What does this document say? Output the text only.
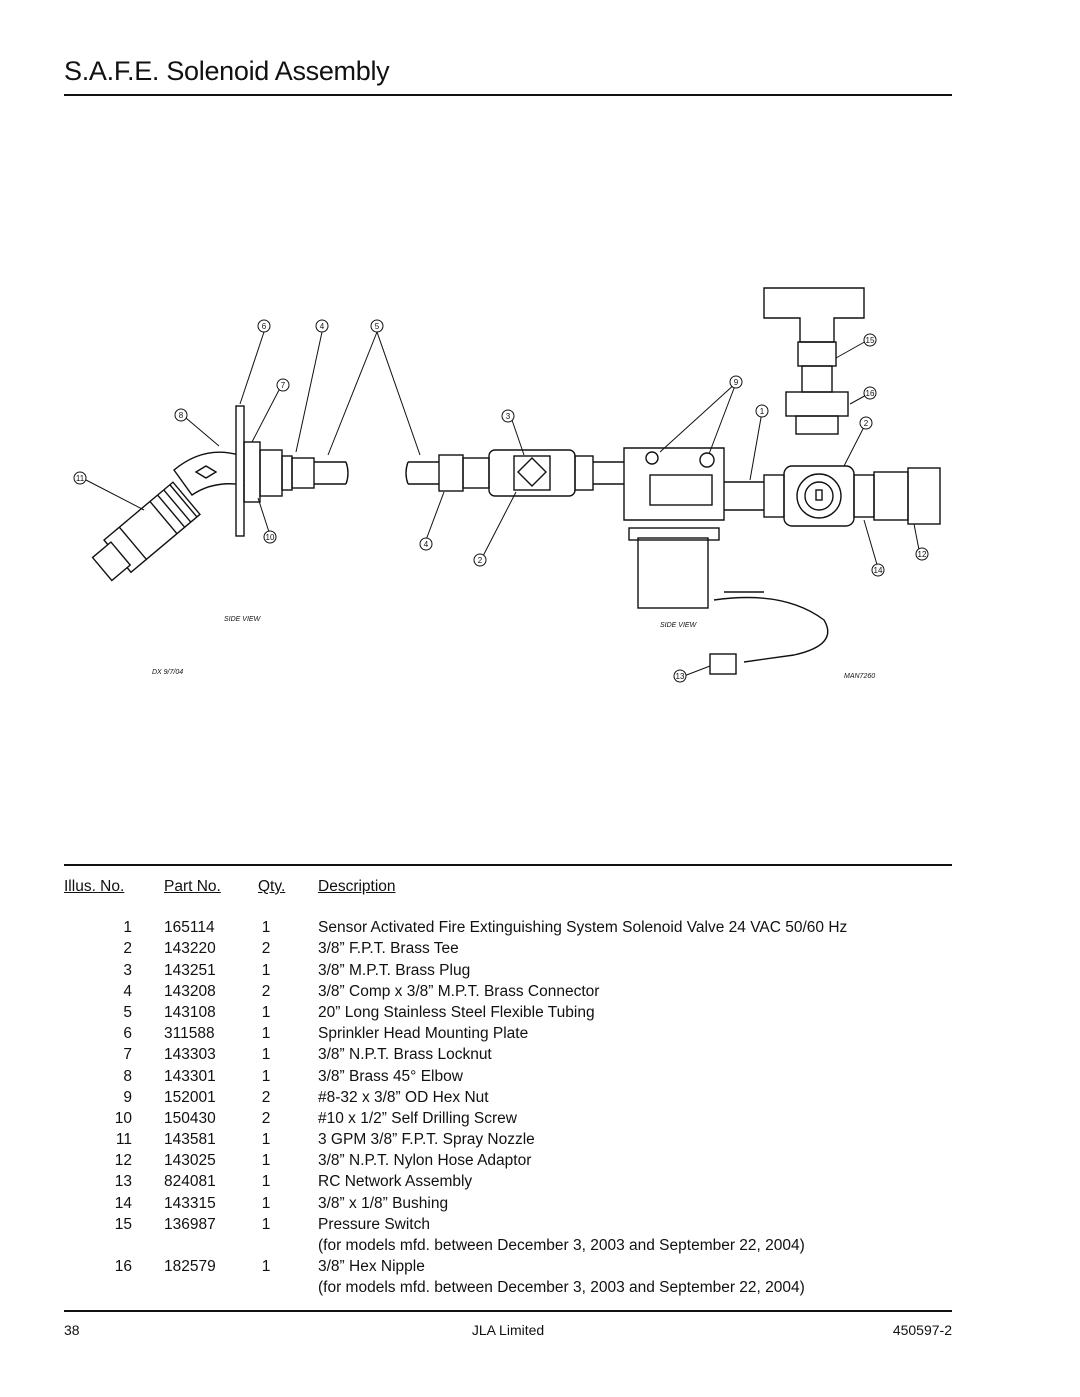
S.A.F.E. Solenoid Assembly
6	4	5
7
8
11
10
3
4
2
9
1
15
16
2
14
12
13
SIDE VIEW
SIDE VIEW
DX 9/7/04
MAN7260
Illus. No.	Part No. Qty. Description
1 165114	1	Sensor Activated Fire Extinguishing System Solenoid Valve 24 VAC 50/60 Hz
2 143220	2	3/8” F.P.T. Brass Tee
3 143251	1	3/8” M.P.T. Brass Plug
4 143208	2	3/8” Comp x 3/8” M.P.T. Brass Connector
5 143108	1	20” Long Stainless Steel Flexible Tubing
6 311588	1	Sprinkler Head Mounting Plate
7 143303	1	3/8” N.P.T. Brass Locknut
8 143301	1	3/8” Brass 45° Elbow
9 152001	2	#8-32 x 3/8” OD Hex Nut
10 150430	2	#10 x 1/2” Self Drilling Screw
11 143581	1	3 GPM 3/8” F.P.T. Spray Nozzle
12 143025	1	3/8” N.P.T. Nylon Hose Adaptor
13 824081	1	RC Network Assembly
14 143315	1	3/8” x 1/8” Bushing
15 136987	1	Pressure Switch
(for models mfd. between December 3, 2003 and September 22, 2004)
16 182579	1	3/8” Hex Nipple
(for models mfd. between December 3, 2003 and September 22, 2004)
38	JLA Limited	450597-2
